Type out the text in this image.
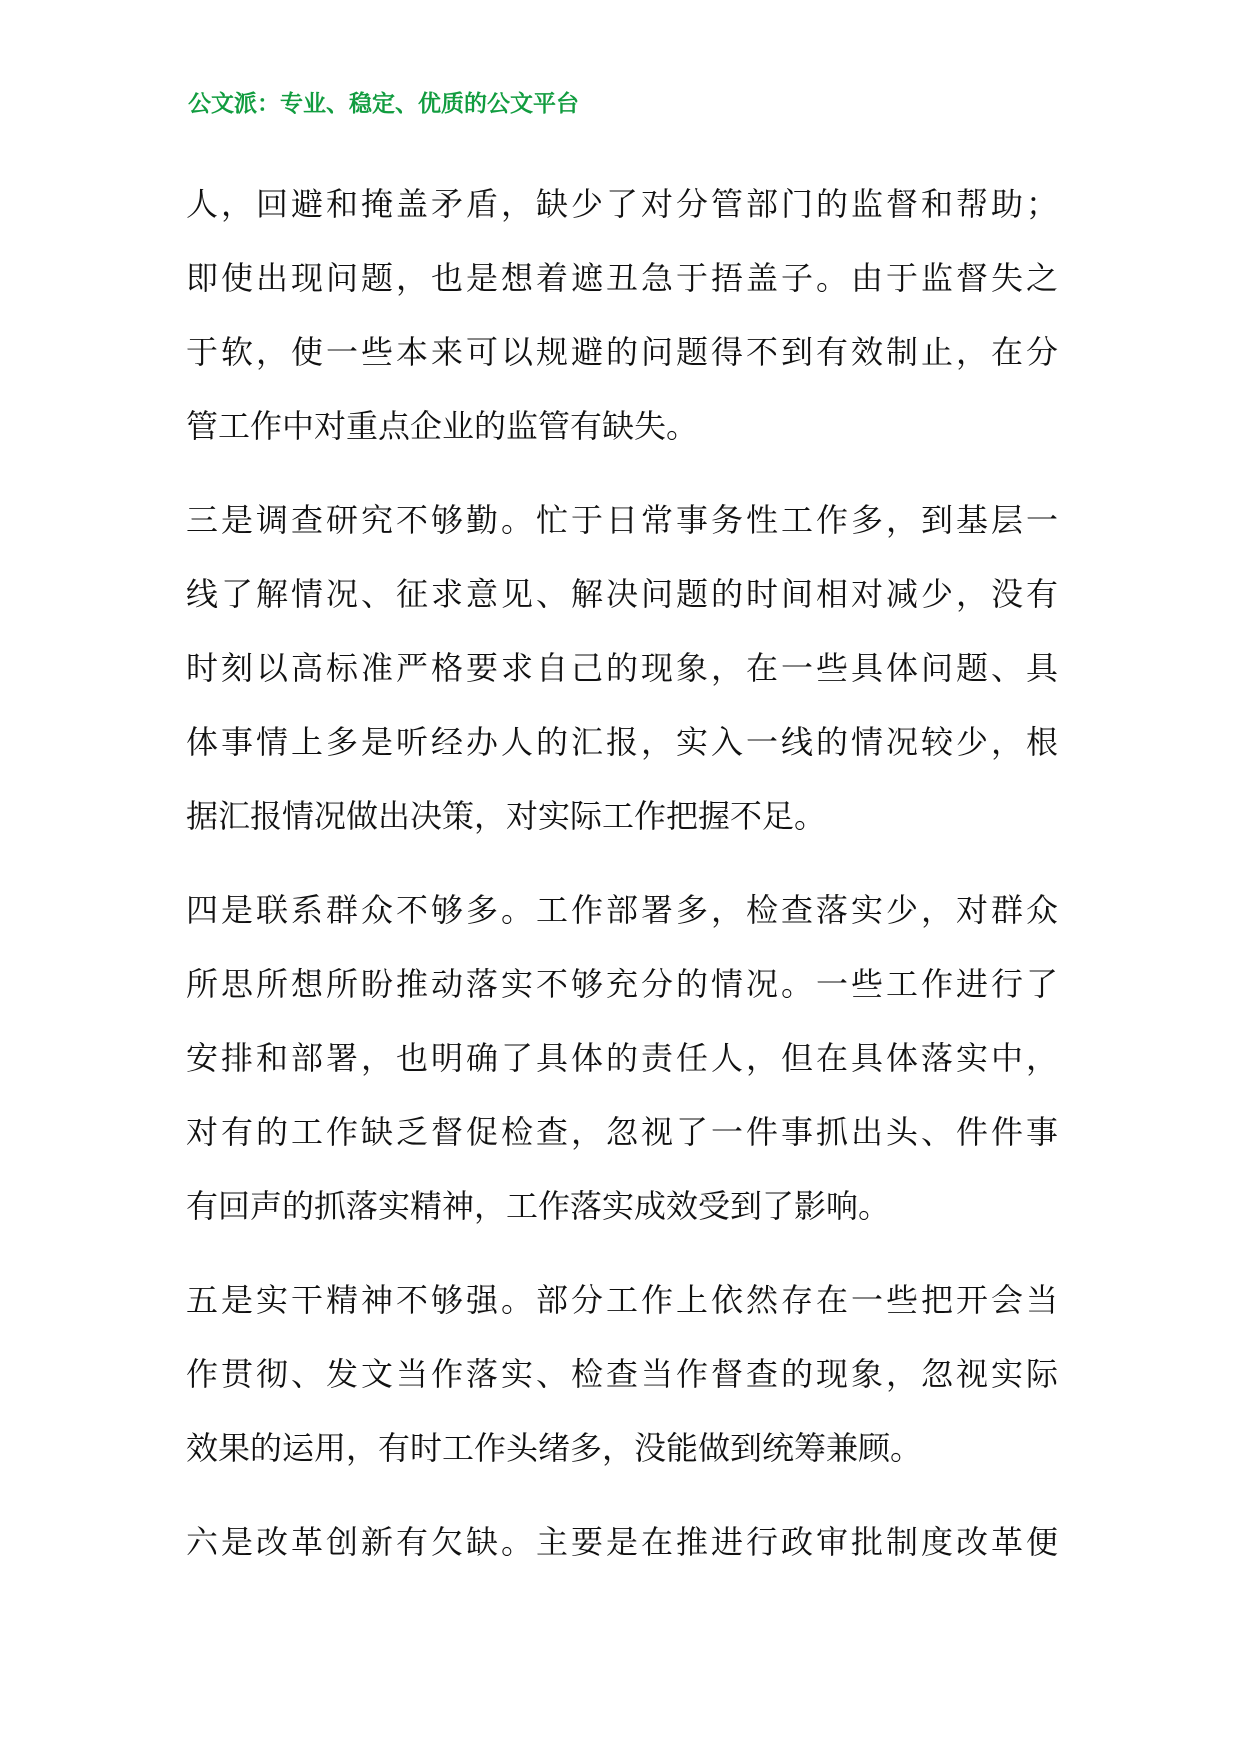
公文派：专业、稳定、优质的公文平台
人，回避和掩盖矛盾，缺少了对分管部门的监督和帮助；
即使出现问题，也是想着遮丑急于捂盖子。由于监督失之
于软，使一些本来可以规避的问题得不到有效制止，在分
管工作中对重点企业的监管有缺失。
三是调查研究不够勤。忙于日常事务性工作多，到基层一
线了解情况、征求意见、解决问题的时间相对减少，没有
时刻以高标准严格要求自己的现象，在一些具体问题、具
体事情上多是听经办人的汇报，实入一线的情况较少，根
据汇报情况做出决策，对实际工作把握不足。
四是联系群众不够多。工作部署多，检查落实少，对群众
所思所想所盼推动落实不够充分的情况。一些工作进行了
安排和部署，也明确了具体的责任人，但在具体落实中，
对有的工作缺乏督促检查，忽视了一件事抓出头、件件事
有回声的抓落实精神，工作落实成效受到了影响。
五是实干精神不够强。部分工作上依然存在一些把开会当
作贯彻、发文当作落实、检查当作督查的现象，忽视实际
效果的运用，有时工作头绪多，没能做到统筹兼顾。
六是改革创新有欠缺。主要是在推进行政审批制度改革便
